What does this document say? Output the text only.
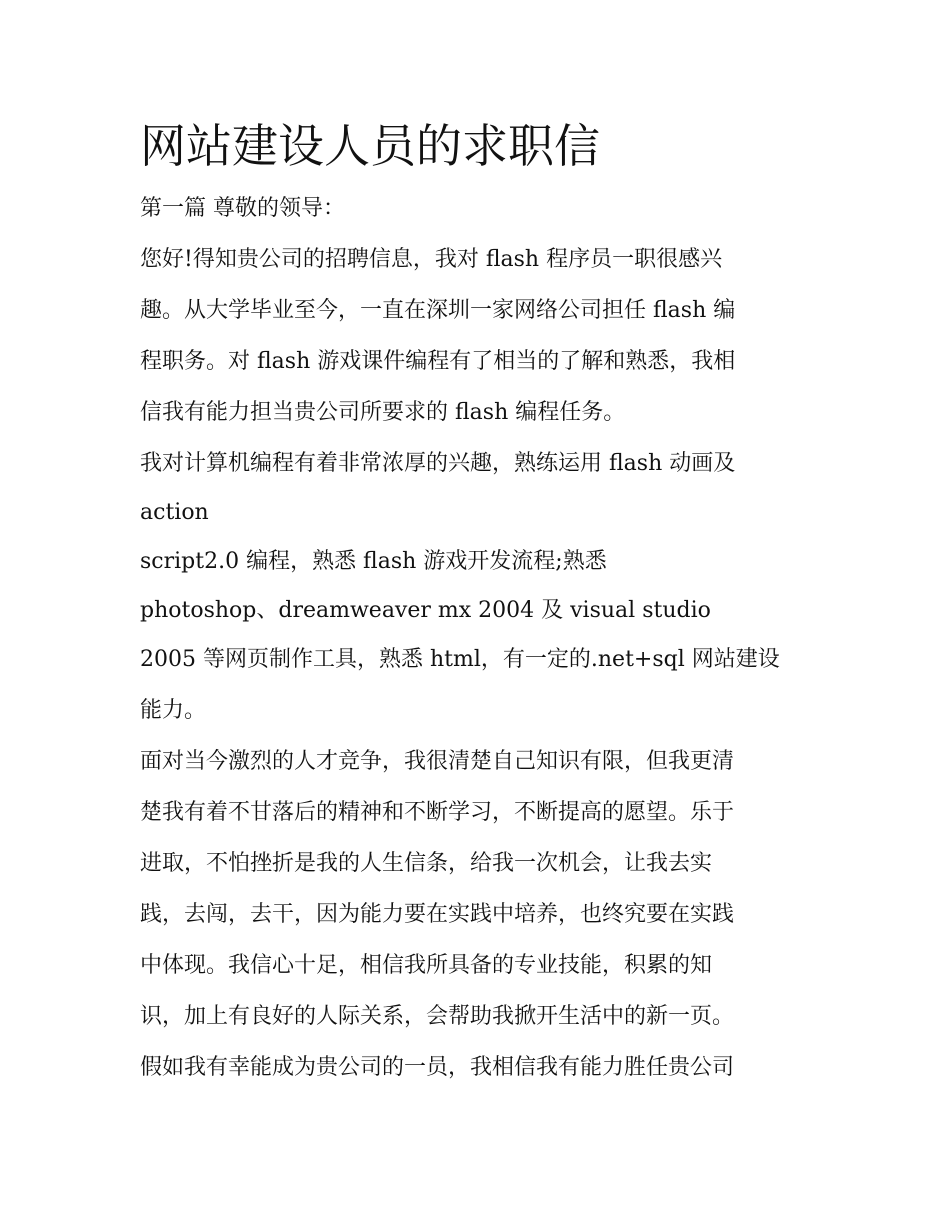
网站建设人员的求职信
第一篇 尊敬的领导：
您好!得知贵公司的招聘信息，我对 flash 程序员一职很感兴
趣。从大学毕业至今，一直在深圳一家网络公司担任 flash 编
程职务。对 flash 游戏课件编程有了相当的了解和熟悉，我相
信我有能力担当贵公司所要求的 flash 编程任务。
我对计算机编程有着非常浓厚的兴趣，熟练运用 flash 动画及
action
script2.0 编程，熟悉 flash 游戏开发流程;熟悉
photoshop、dreamweaver mx 2004 及 visual studio
2005 等网页制作工具，熟悉 html，有一定的.net+sql 网站建设
能力。
面对当今激烈的人才竞争，我很清楚自己知识有限，但我更清
楚我有着不甘落后的精神和不断学习，不断提高的愿望。乐于
进取，不怕挫折是我的人生信条，给我一次机会，让我去实
践，去闯，去干，因为能力要在实践中培养，也终究要在实践
中体现。我信心十足，相信我所具备的专业技能，积累的知
识，加上有良好的人际关系，会帮助我掀开生活中的新一页。
假如我有幸能成为贵公司的一员，我相信我有能力胜任贵公司
